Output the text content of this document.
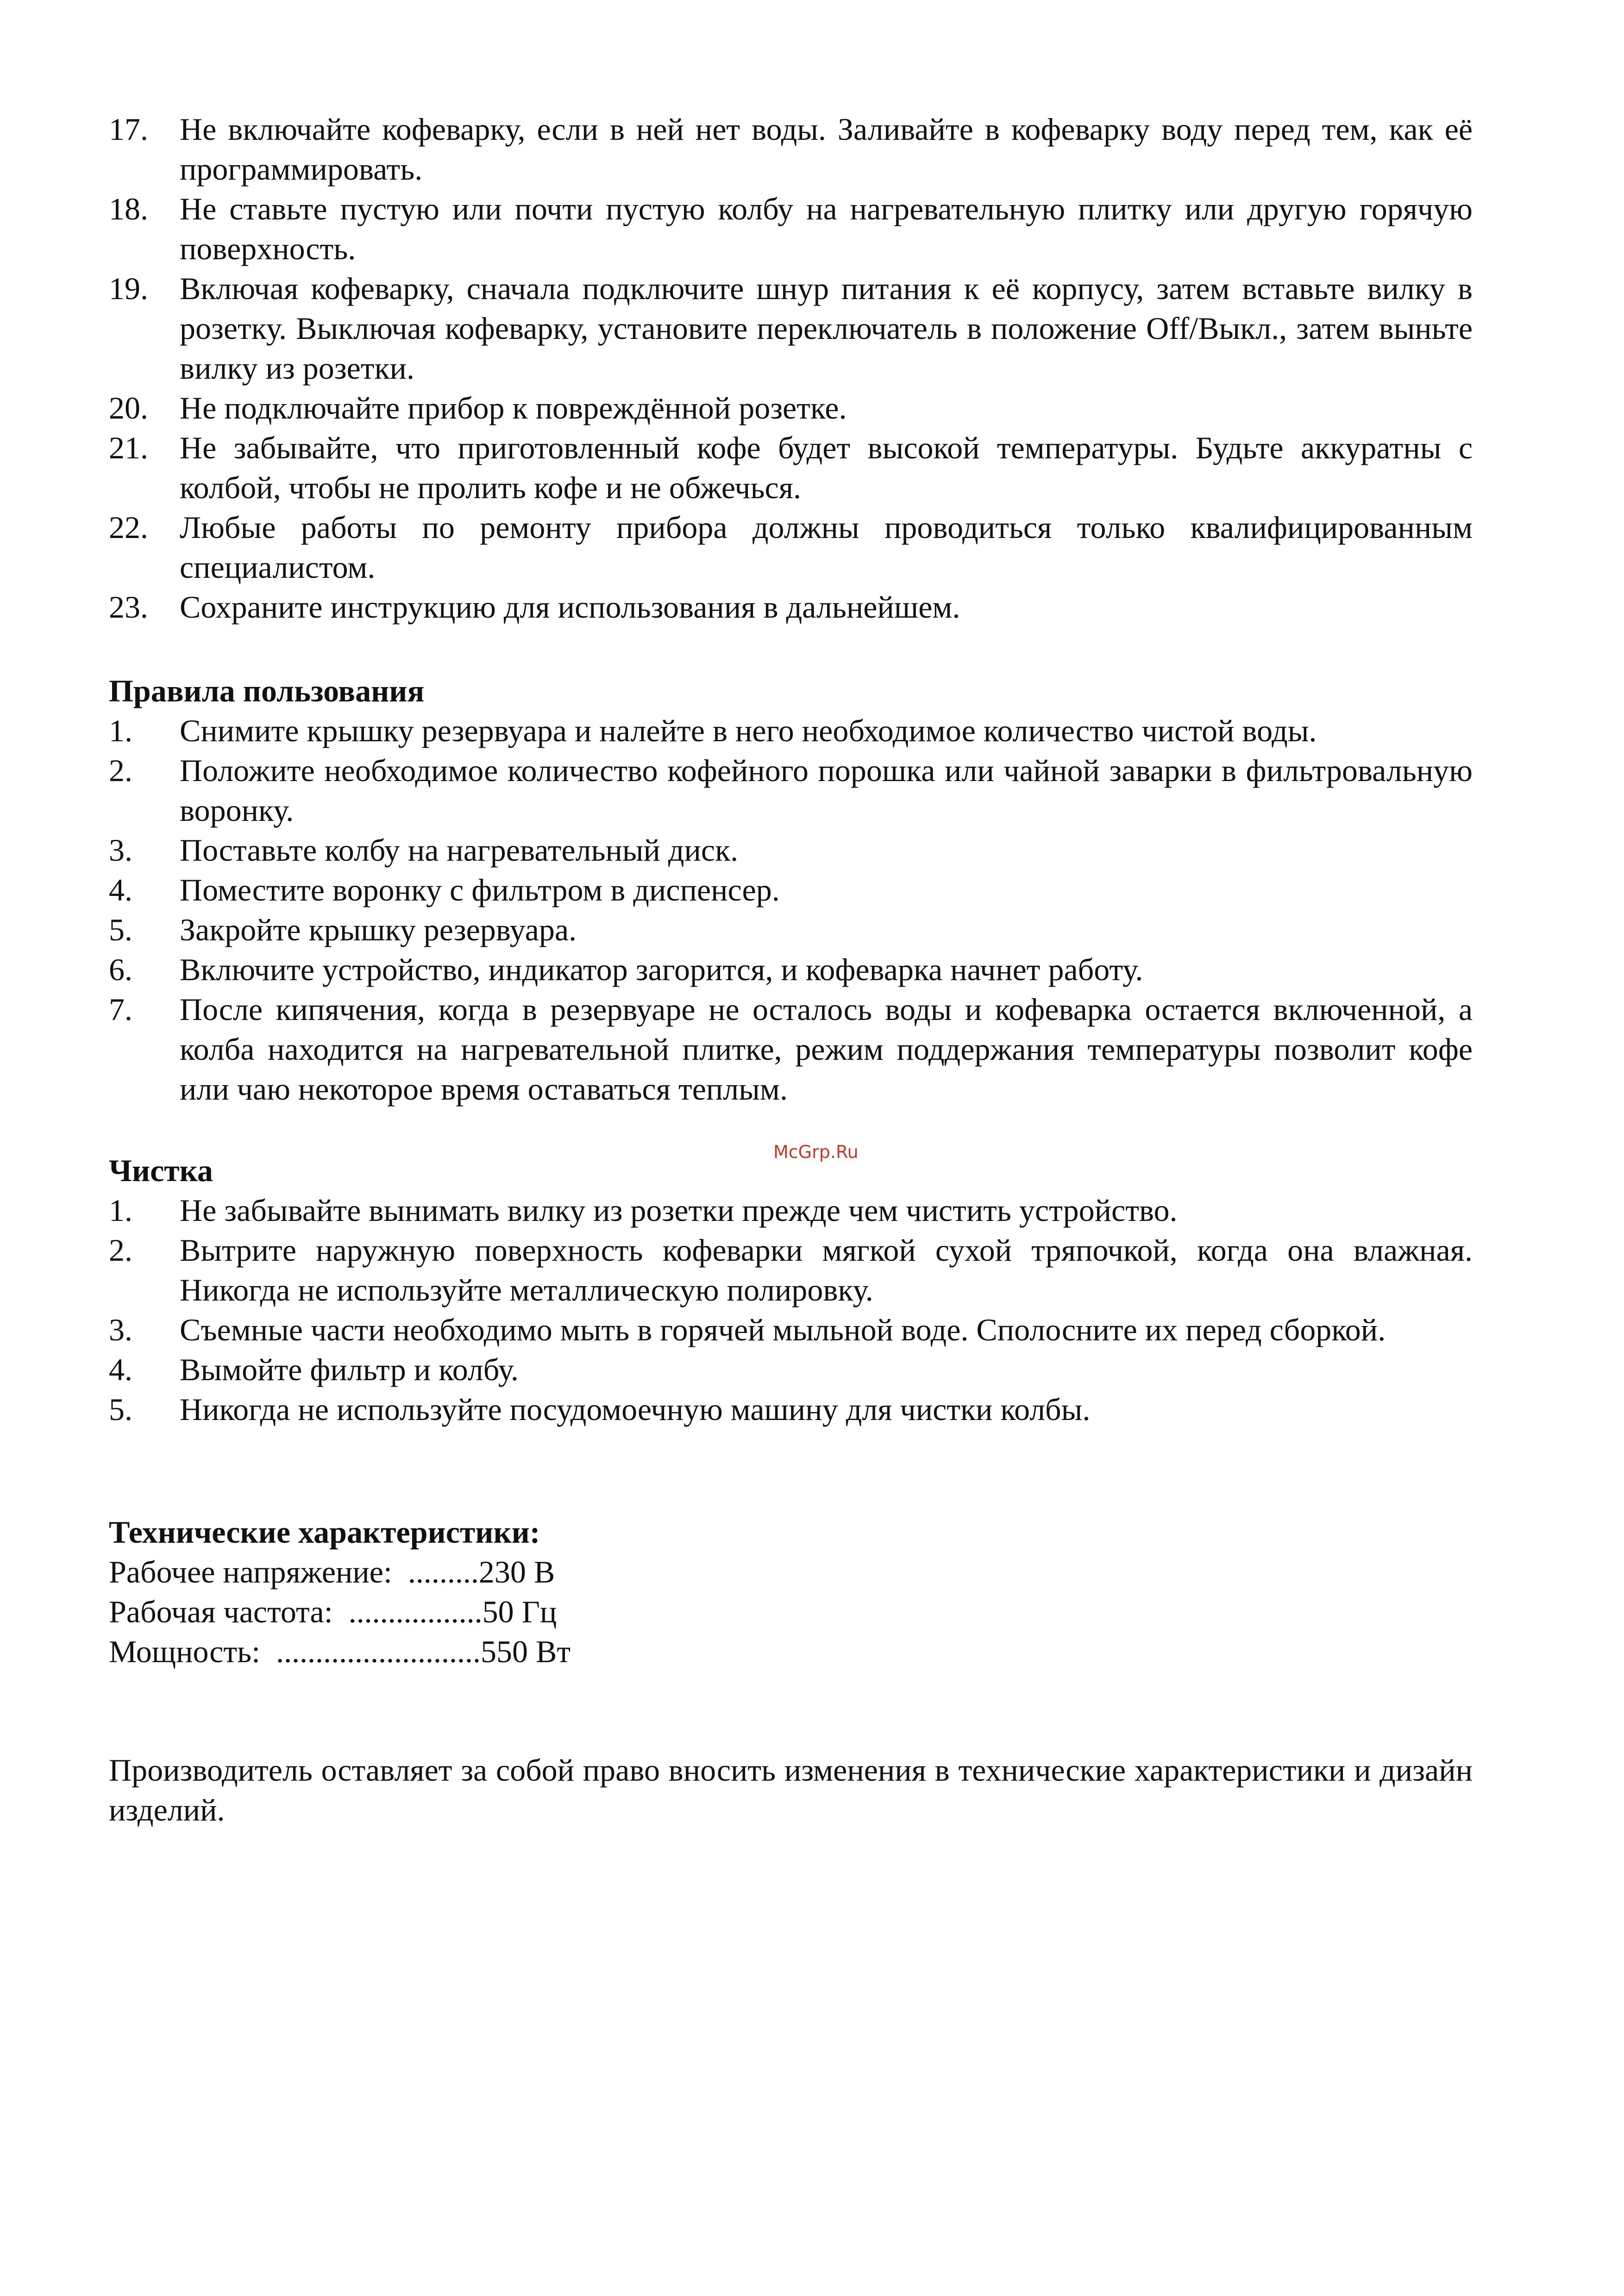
17.	Не включайте кофеварку, если в ней нет воды. Заливайте в кофеварку воду перед тем, как её программировать.
18.	Не ставьте пустую или почти пустую колбу на нагревательную плитку или другую горячую поверхность.
19.	Включая кофеварку, сначала подключите шнур питания к её корпусу, затем вставьте вилку в розетку. Выключая кофеварку, установите переключатель в положение Off/Выкл., затем выньте вилку из розетки.
20.	Не подключайте прибор к повреждённой розетке.
21.	Не забывайте, что приготовленный кофе будет высокой температуры. Будьте аккуратны с колбой, чтобы не пролить кофе и не обжечься.
22.	Любые работы по ремонту прибора должны проводиться только квалифицированным специалистом.
23.	Сохраните инструкцию для использования в дальнейшем.
Правила пользования
1.	Снимите крышку резервуара и налейте в него необходимое количество чистой воды.
2.	Положите необходимое количество кофейного порошка или чайной заварки в фильтровальную воронку.
3.	Поставьте колбу на нагревательный диск.
4.	Поместите воронку с фильтром в диспенсер.
5.	Закройте крышку резервуара.
6.	Включите устройство, индикатор загорится, и кофеварка начнет работу.
7.	После кипячения, когда в резервуаре не осталось воды и кофеварка остается включенной, а колба находится на нагревательной плитке, режим поддержания температуры позволит кофе или чаю некоторое время оставаться теплым.
McGrp.Ru
Чистка
1.	Не забывайте вынимать вилку из розетки прежде чем чистить устройство.
2.	Вытрите наружную поверхность кофеварки мягкой сухой тряпочкой, когда она влажная. Никогда не используйте металлическую полировку.
3.	Съемные части необходимо мыть в горячей мыльной воде. Сполосните их перед сборкой.
4.	Вымойте фильтр и колбу.
5.	Никогда не используйте посудомоечную машину для чистки колбы.
Технические характеристики:
Рабочее напряжение:  .........230 В
Рабочая частота:  .................50 Гц
Мощность:  ..........................550 Вт

Производитель оставляет за собой право вносить изменения в технические характеристики и дизайн изделий.
